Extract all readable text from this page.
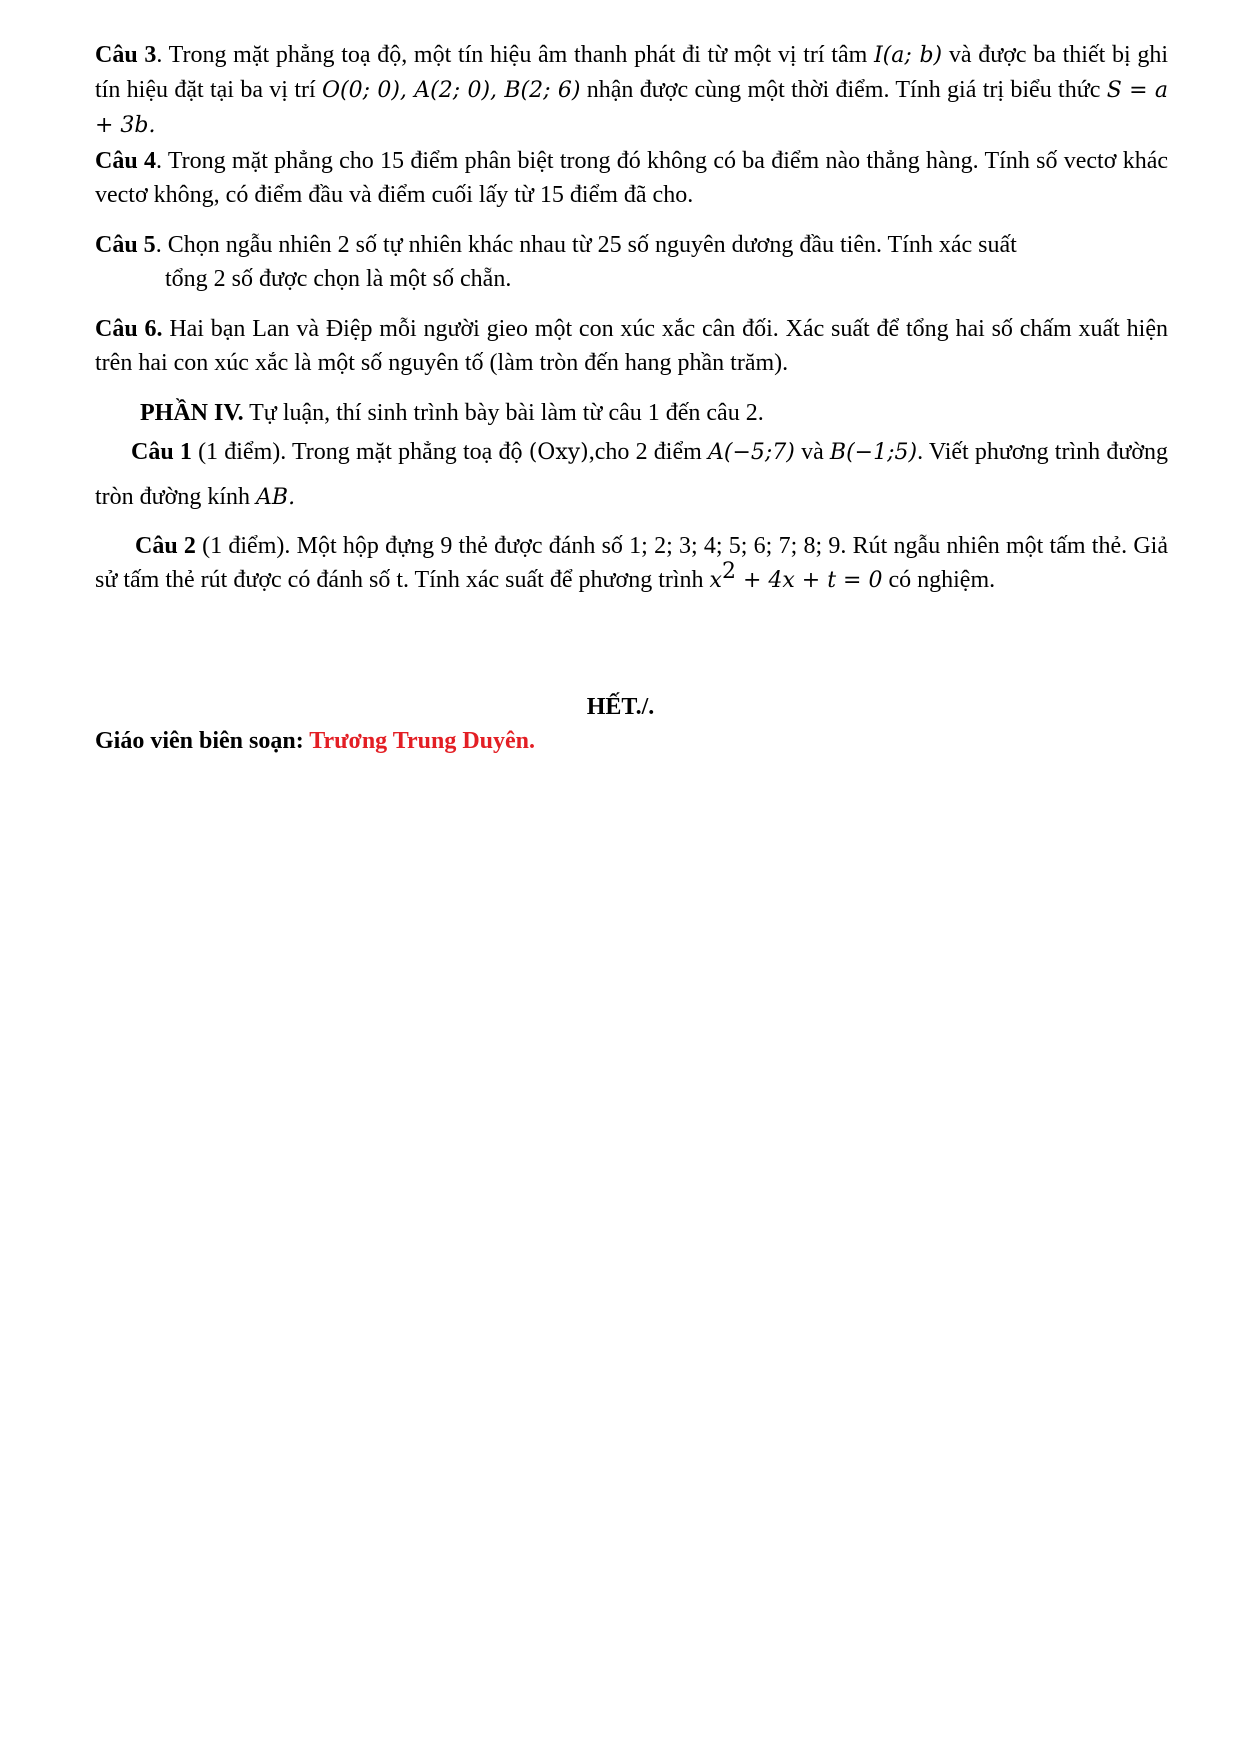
Câu 3. Trong mặt phẳng toạ độ, một tín hiệu âm thanh phát đi từ một vị trí tâm I(a; b) và được ba thiết bị ghi tín hiệu đặt tại ba vị trí O(0; 0), A(2; 0), B(2; 6) nhận được cùng một thời điểm. Tính giá trị biểu thức S = a + 3b.
Câu 4. Trong mặt phẳng cho 15 điểm phân biệt trong đó không có ba điểm nào thẳng hàng. Tính số vectơ khác vectơ không, có điểm đầu và điểm cuối lấy từ 15 điểm đã cho.
Câu 5. Chọn ngẫu nhiên 2 số tự nhiên khác nhau từ 25 số nguyên dương đầu tiên. Tính xác suất
tổng 2 số được chọn là một số chẵn.
Câu 6. Hai bạn Lan và Điệp mỗi người gieo một con xúc xắc cân đối. Xác suất để tổng hai số chấm xuất hiện trên hai con xúc xắc là một số nguyên tố (làm tròn đến hang phần trăm).
PHẦN IV. Tự luận, thí sinh trình bày bài làm từ câu 1 đến câu 2.
Câu 1 (1 điểm). Trong mặt phẳng toạ độ (Oxy),cho 2 điểm A(−5;7) và B(−1;5). Viết phương trình đường tròn đường kính AB.
Câu 2 (1 điểm). Một hộp đựng 9 thẻ được đánh số 1; 2; 3; 4; 5; 6; 7; 8; 9. Rút ngẫu nhiên một tấm thẻ. Giả sử tấm thẻ rút được có đánh số t. Tính xác suất để phương trình $x^2 + 4x + t = 0$ có nghiệm.
HẾT./.
Giáo viên biên soạn: Trương Trung Duyên.
